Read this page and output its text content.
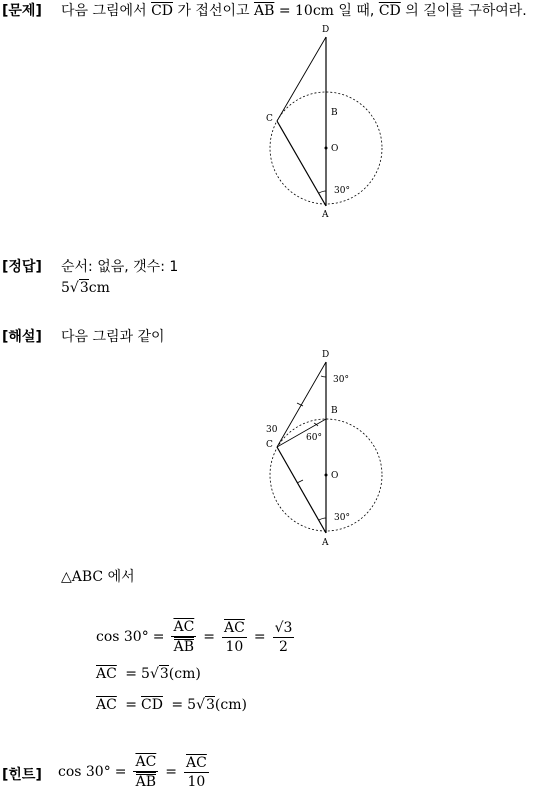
[문제] 다음 그림에서 $\overline{CD}$ 가 접선이고 $\overline{AB} = 10cm$ 일 때, $\overline{CD}$ 의 길이를 구하여라.
D
B
C
O
A
30°
[정답] 순서: 없음, 갯수: 1
5√3cm
[해설] 다음 그림과 같이
D
30°
B
60°
30
C
O
30°
A
△ABC 에서
$\cos 30^\circ = \frac{\overline{AC}}{AB} = \frac{\overline{AC}}{10} = \frac{√3}{2}$
$\overline{AC} = 5√3(cm)$
$\overline{AC} = \overline{CD} = 5√3(cm)$
[힌트] $\cos 30^\circ = \frac{\overline{AC}}{AB} = \frac{\overline{AC}}{10}$
